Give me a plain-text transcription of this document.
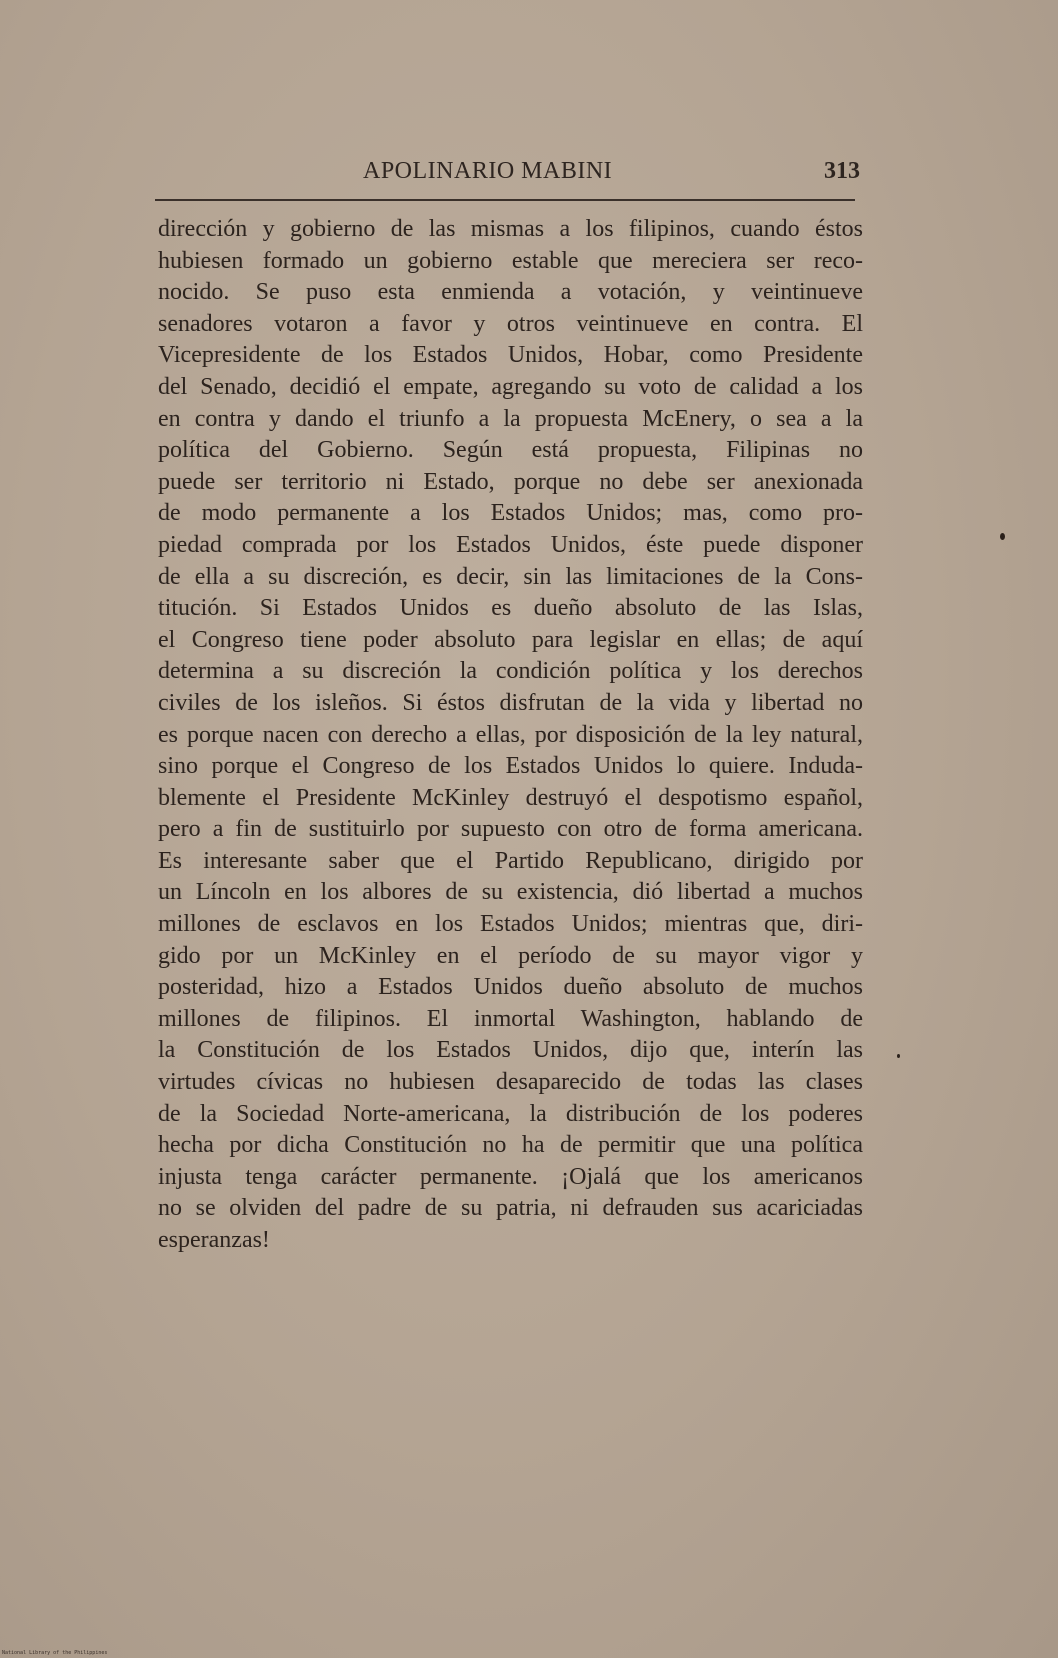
APOLINARIO MABINI	313

dirección y gobierno de las mismas a los filipinos, cuando éstos
hubiesen formado un gobierno estable que mereciera ser reco-
nocido. Se puso esta enmienda a votación, y veintinueve
senadores votaron a favor y otros veintinueve en contra. El
Vicepresidente de los Estados Unidos, Hobar, como Presidente
del Senado, decidió el empate, agregando su voto de calidad a los
en contra y dando el triunfo a la propuesta McEnery, o sea a la
política del Gobierno. Según está propuesta, Filipinas no
puede ser territorio ni Estado, porque no debe ser anexionada
de modo permanente a los Estados Unidos; mas, como pro-
piedad comprada por los Estados Unidos, éste puede disponer
de ella a su discreción, es decir, sin las limitaciones de la Cons-
titución. Si Estados Unidos es dueño absoluto de las Islas,
el Congreso tiene poder absoluto para legislar en ellas; de aquí
determina a su discreción la condición política y los derechos
civiles de los isleños. Si éstos disfrutan de la vida y libertad no
es porque nacen con derecho a ellas, por disposición de la ley natural,
sino porque el Congreso de los Estados Unidos lo quiere. Induda-
blemente el Presidente McKinley destruyó el despotismo español,
pero a fin de sustituirlo por supuesto con otro de forma americana.
Es interesante saber que el Partido Republicano, dirigido por
un Líncoln en los albores de su existencia, dió libertad a muchos
millones de esclavos en los Estados Unidos; mientras que, diri-
gido por un McKinley en el período de su mayor vigor y
posteridad, hizo a Estados Unidos dueño absoluto de muchos
millones de filipinos. El inmortal Washington, hablando de
la Constitución de los Estados Unidos, dijo que, interín las
virtudes cívicas no hubiesen desaparecido de todas las clases
de la Sociedad Norte-americana, la distribución de los poderes
hecha por dicha Constitución no ha de permitir que una política
injusta tenga carácter permanente. ¡Ojalá que los americanos
no se olviden del padre de su patria, ni defrauden sus acariciadas
esperanzas!

National Library of the Philippines
